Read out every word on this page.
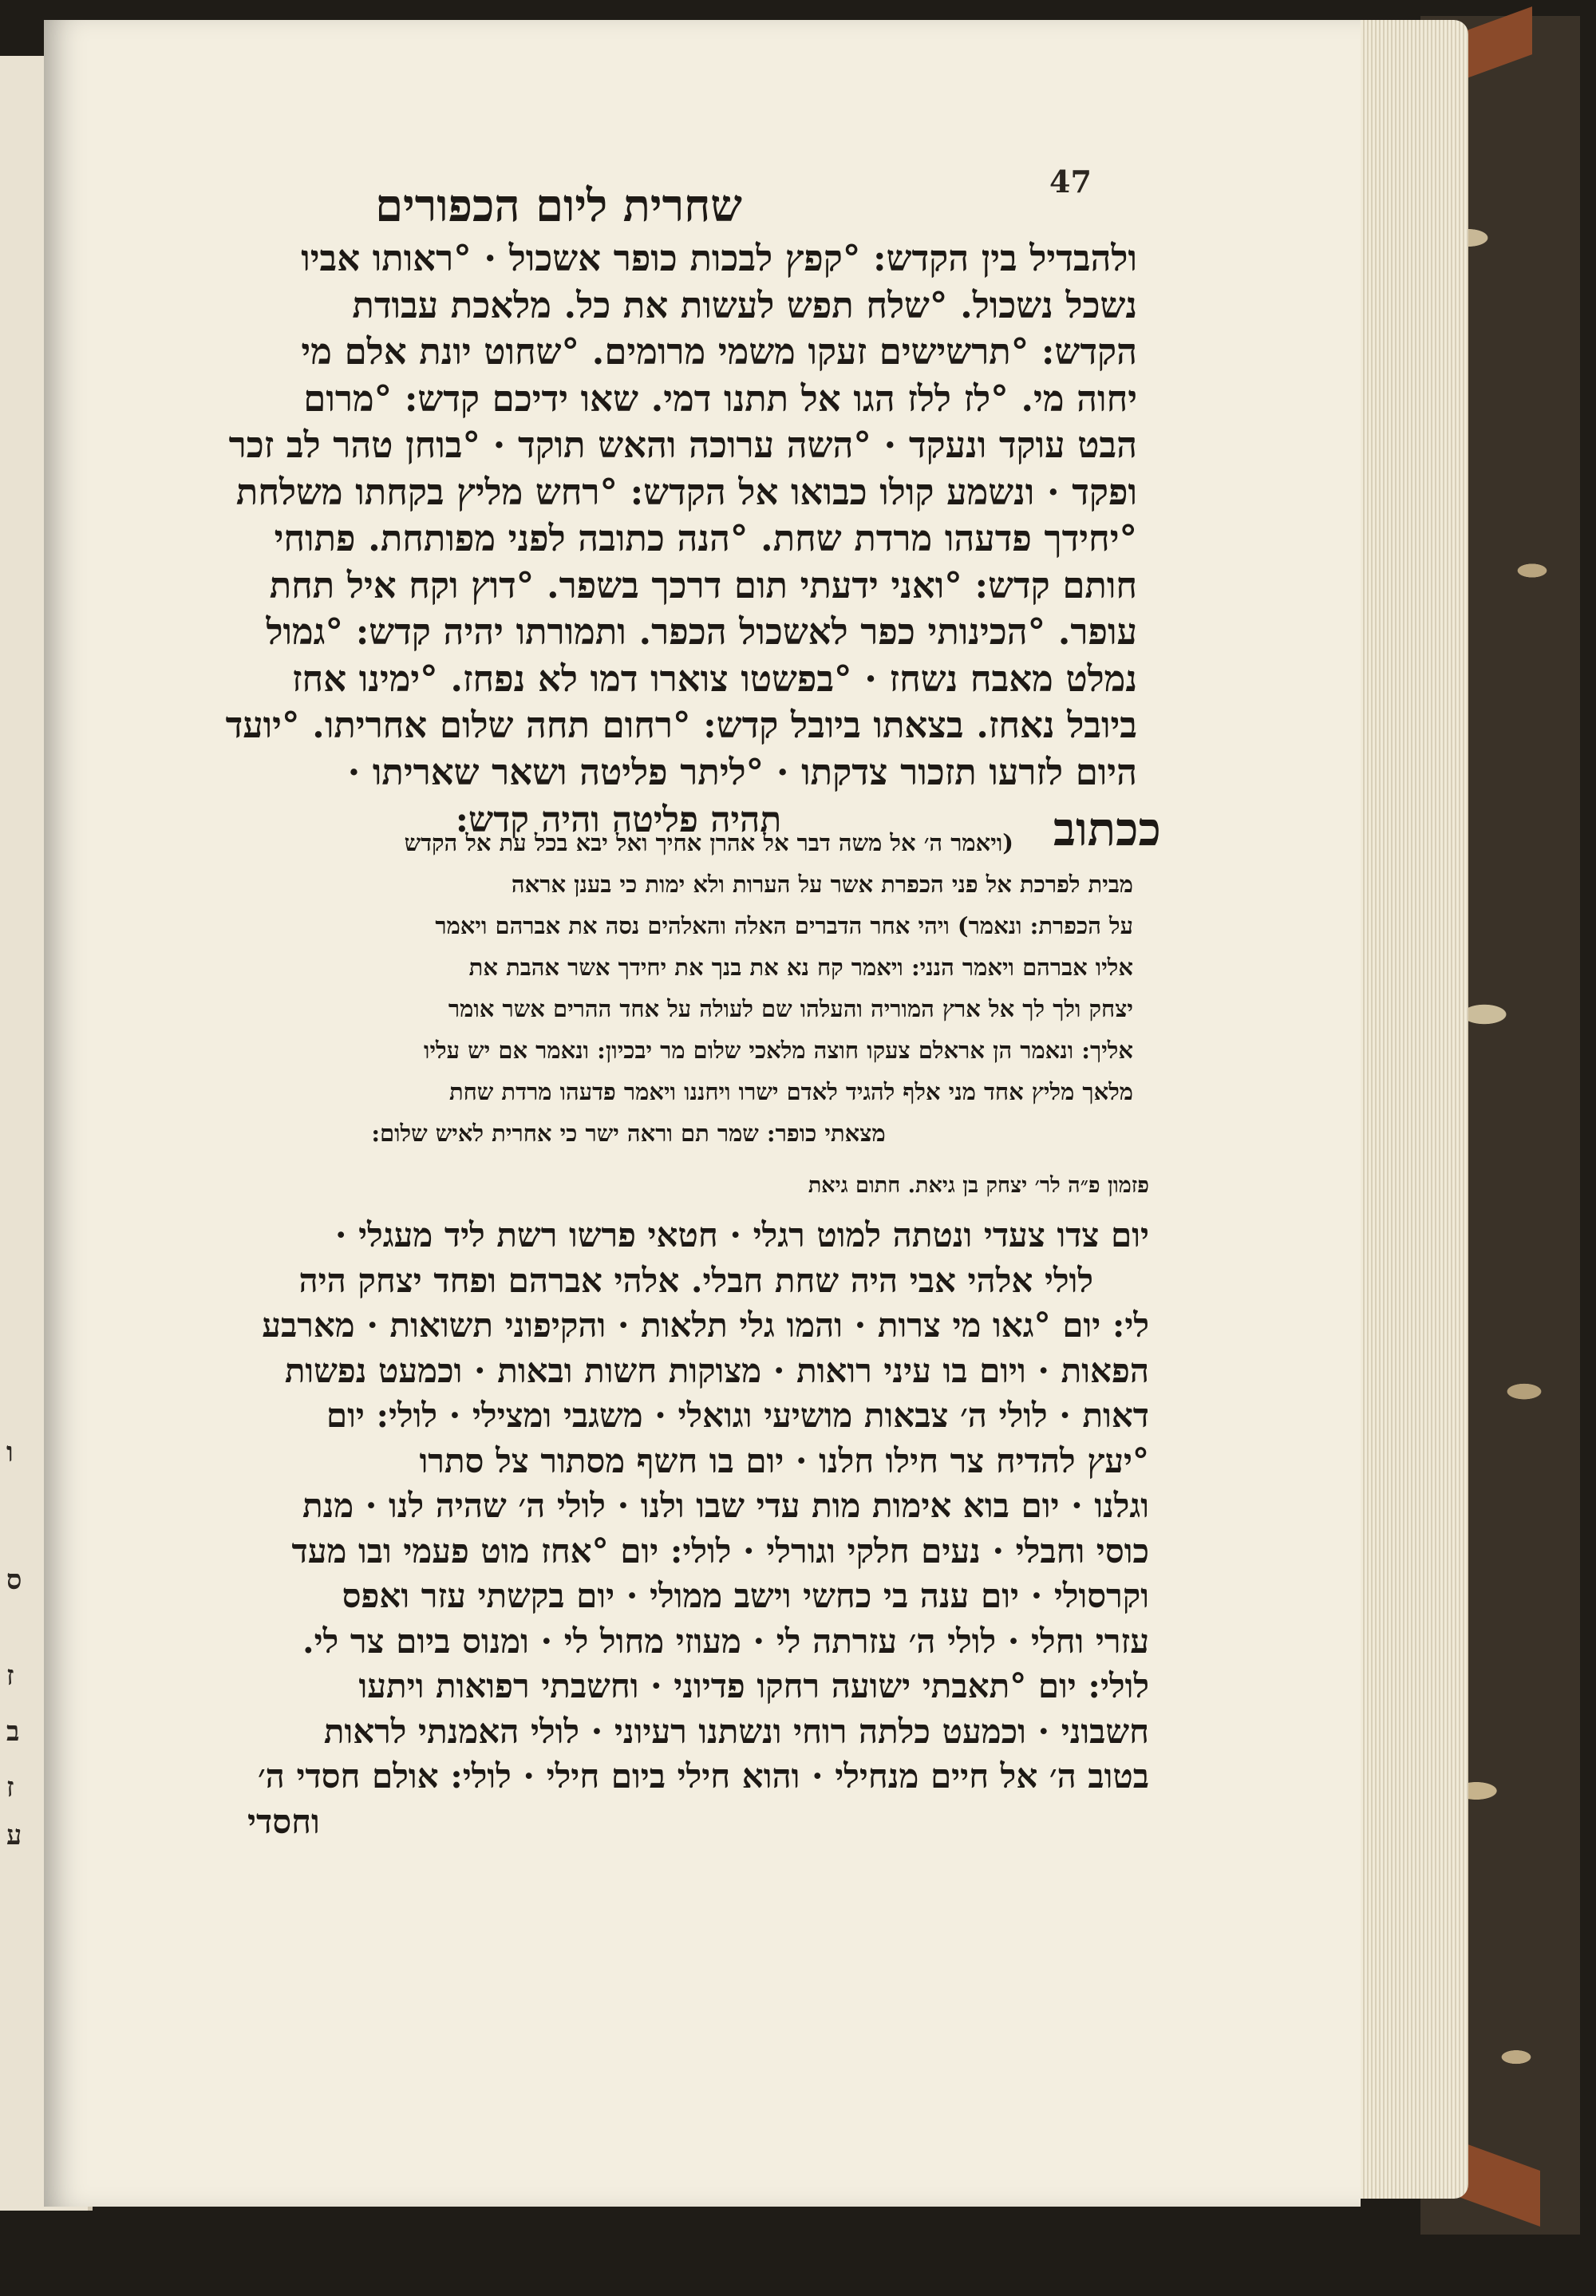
ו
ס
ז
ב
ז
ע
47
שחרית ליום הכפורים
ולהבדיל בין הקדש: °קפץ לבכות כופר אשכול · °ראותו אביו
נשכל נשכול. °שלח תפש לעשות את כל. מלאכת עבודת
הקדש: °תרשישים זעקו משמי מרומים. °שחוט יונת אלם מי
יחוה מי. °לז ללז הגו אל תתנו דמי. שאו ידיכם קדש: °מרום
הבט עוקד ונעקד · °השה ערוכה והאש תוקד · °בוחן טהר לב זכר
ופקד · ונשמע קולו כבואו אל הקדש: °רחש מליץ בקחתו משלחת
°יחידך פדעהו מרדת שחת. °הנה כתובה לפני מפותחת. פתוחי
חותם קדש: °ואני ידעתי תום דרכך בשפר. °דוץ וקח איל תחת
עופר. °הכינותי כפר לאשכול הכפר. ותמורתו יהיה קדש: °גמול
נמלט מאבח נשחז · °בפשטו צוארו דמו לא נפחז. °ימינו אחז
ביובל נאחז. בצאתו ביובל קדש: °רחום תחה שלום אחריתו. °יועד
היום לזרעו תזכור צדקתו · °ליתר פליטה ושאר שאריתו ·
תהיה פליטה והיה קדש:	ככתוב
(ויאמר ה׳ אל משה דבר אל אהרן אחיך ואל יבא בכל עת אל הקדש
מבית לפרכת אל פני הכפרת אשר על הערות ולא ימות כי בענן אראה
על הכפרת: ונאמר) ויהי אחר הדברים האלה והאלהים נסה את אברהם ויאמר
אליו אברהם ויאמר הנני: ויאמר קח נא את בנך את יחידך אשר אהבת את
יצחק ולך לך אל ארץ המוריה והעלהו שם לעולה על אחד ההרים אשר אומר
אליך: ונאמר הן אראלם צעקו חוצה מלאכי שלום מר יבכיון: ונאמר אם יש עליו
מלאך מליץ אחד מני אלף להגיד לאדם ישרו ויחננו ויאמר פדעהו מרדת שחת
מצאתי כופר: שמר תם וראה ישר כי אחרית לאיש שלום:
פזמון פ״ה לר׳ יצחק בן גיאת. חתום גיאת
יום צדו צעדי ונטתה למוט רגלי · חטאי פרשו רשת ליד מעגלי ·
לולי אלהי אבי היה שחת חבלי. אלהי אברהם ופחד יצחק היה
לי: יום °גאו מי צרות · והמו גלי תלאות · והקיפוני תשואות · מארבע
הפאות · ויום בו עיני רואות · מצוקות חשות ובאות · וכמעט נפשות
דאות · לולי ה׳ צבאות מושיעי וגואלי · משגבי ומצילי · לולי: יום
°יעץ להדיח צר חילו חלנו · יום בו חשף מסתור צל סתרו
וגלנו · יום בוא אימות מות עדי שבו ולנו · לולי ה׳ שהיה לנו · מנת
כוסי וחבלי · נעים חלקי וגורלי · לולי: יום °אחז מוט פעמי ובו מעד
וקרסולי · יום ענה בי כחשי וישב ממולי · יום בקשתי עזר ואפס
עזרי וחלי · לולי ה׳ עזרתה לי · מעוזי מחול לי · ומנוס ביום צר לי.
לולי: יום °תאבתי ישועה רחקו פדיוני · וחשבתי רפואות ויתעו
חשבוני · וכמעט כלתה רוחי ונשתנו רעיוני · לולי האמנתי לראות
בטוב ה׳ אל חיים מנחילי · והוא חילי ביום חילי · לולי: אולם חסדי ה׳
וחסדי
